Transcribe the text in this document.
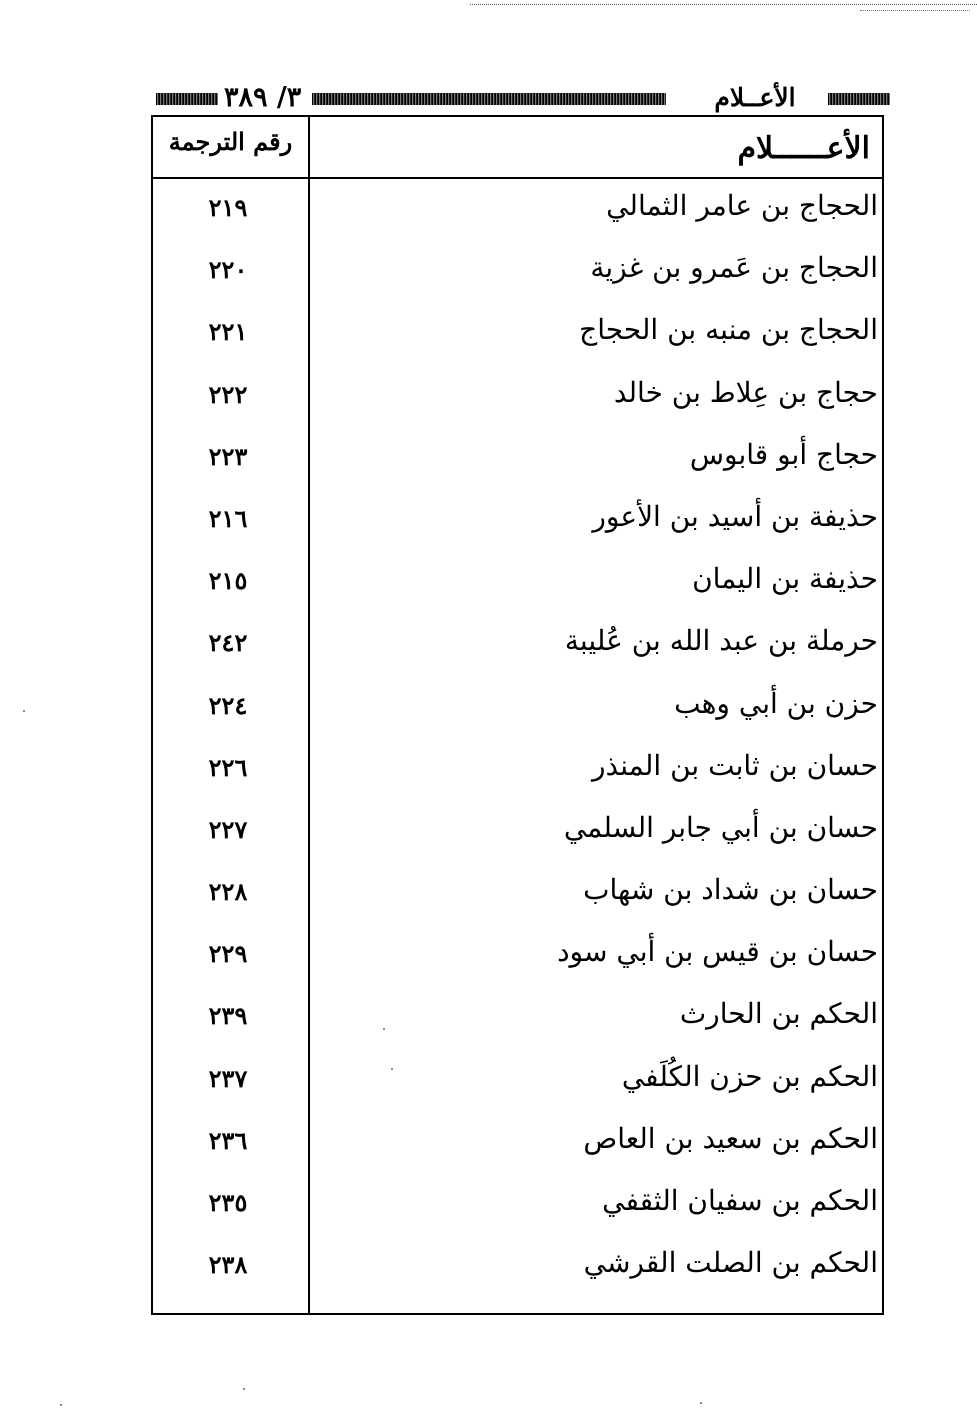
٣/ ٣٨٩	الأعــلام
رقم الترجمة	الأعــــــلام
الحجاج بن عامر الثمالي
٢١٩
الحجاج بن عَمرو بن غزية
٢٢٠
الحجاج بن منبه بن الحجاج
٢٢١
حجاج بن عِلاط بن خالد
٢٢٢
حجاج أبو قابوس
٢٢٣
حذيفة بن أسيد بن الأعور
٢١٦
حذيفة بن اليمان
٢١٥
حرملة بن عبد الله بن عُليبة
٢٤٢
حزن بن أبي وهب
٢٢٤
حسان بن ثابت بن المنذر
٢٢٦
حسان بن أبي جابر السلمي
٢٢٧
حسان بن شداد بن شهاب
٢٢٨
حسان بن قيس بن أبي سود
٢٢٩
الحكم بن الحارث
٢٣٩
الحكم بن حزن الكُلَفي
٢٣٧
الحكم بن سعيد بن العاص
٢٣٦
الحكم بن سفيان الثقفي
٢٣٥
الحكم بن الصلت القرشي
٢٣٨
